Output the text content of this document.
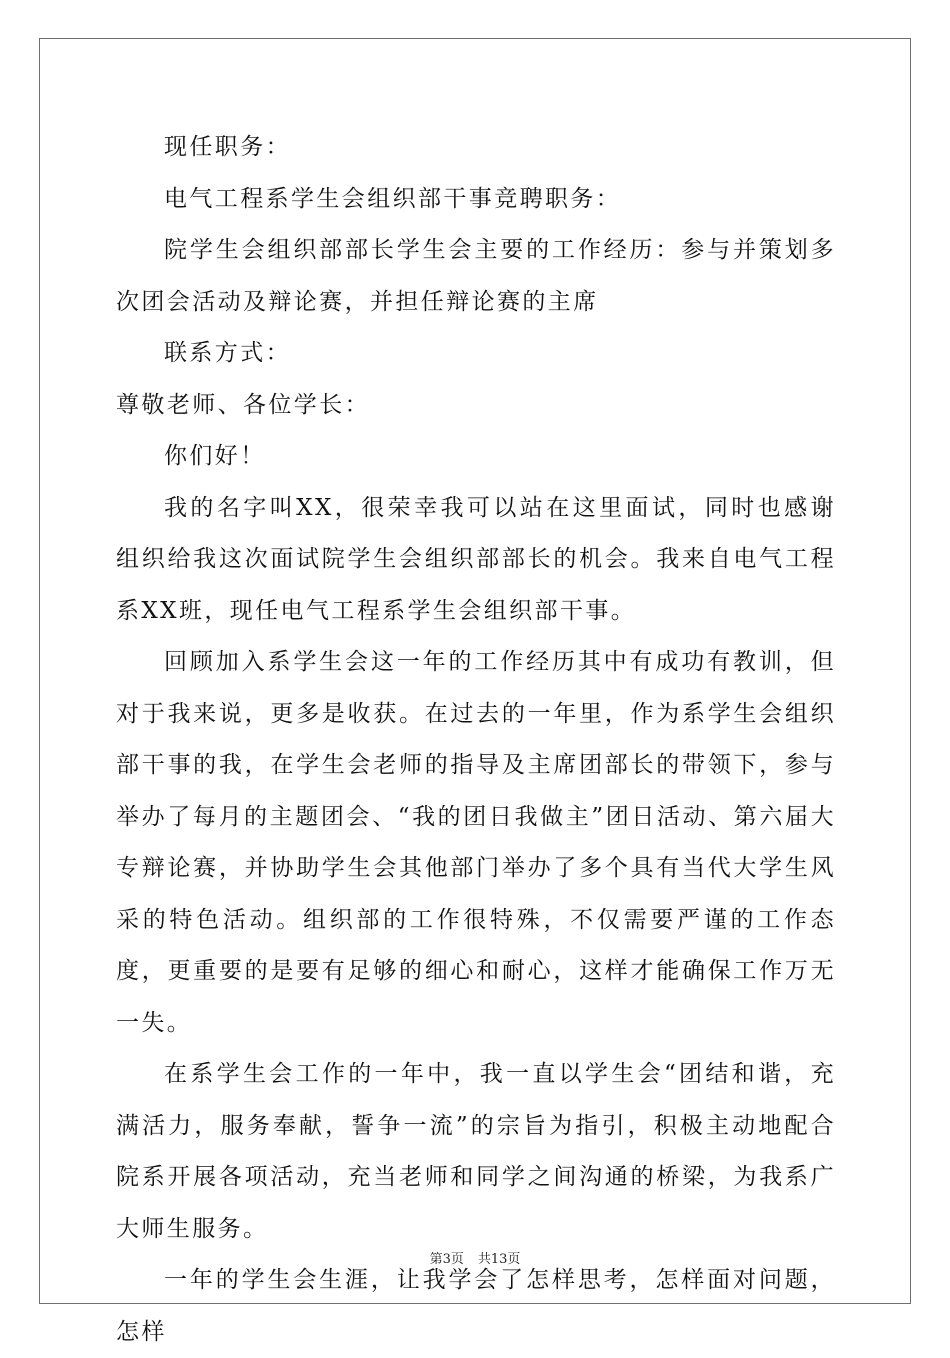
现任职务：

电气工程系学生会组织部干事竞聘职务：

院学生会组织部部长学生会主要的工作经历：参与并策划多次团会活动及辩论赛，并担任辩论赛的主席

联系方式：

尊敬老师、各位学长：

你们好！

我的名字叫XX，很荣幸我可以站在这里面试，同时也感谢组织给我这次面试院学生会组织部部长的机会。我来自电气工程系XX班，现任电气工程系学生会组织部干事。

回顾加入系学生会这一年的工作经历其中有成功有教训，但对于我来说，更多是收获。在过去的一年里，作为系学生会组织部干事的我，在学生会老师的指导及主席团部长的带领下，参与举办了每月的主题团会、“我的团日我做主”团日活动、第六届大专辩论赛，并协助学生会其他部门举办了多个具有当代大学生风采的特色活动。组织部的工作很特殊，不仅需要严谨的工作态度，更重要的是要有足够的细心和耐心，这样才能确保工作万无一失。

在系学生会工作的一年中，我一直以学生会“团结和谐，充满活力，服务奉献，誓争一流”的宗旨为指引，积极主动地配合院系开展各项活动，充当老师和同学之间沟通的桥梁，为我系广大师生服务。

一年的学生会生涯，让我学会了怎样思考，怎样面对问题，怎样

第3页 共13页
